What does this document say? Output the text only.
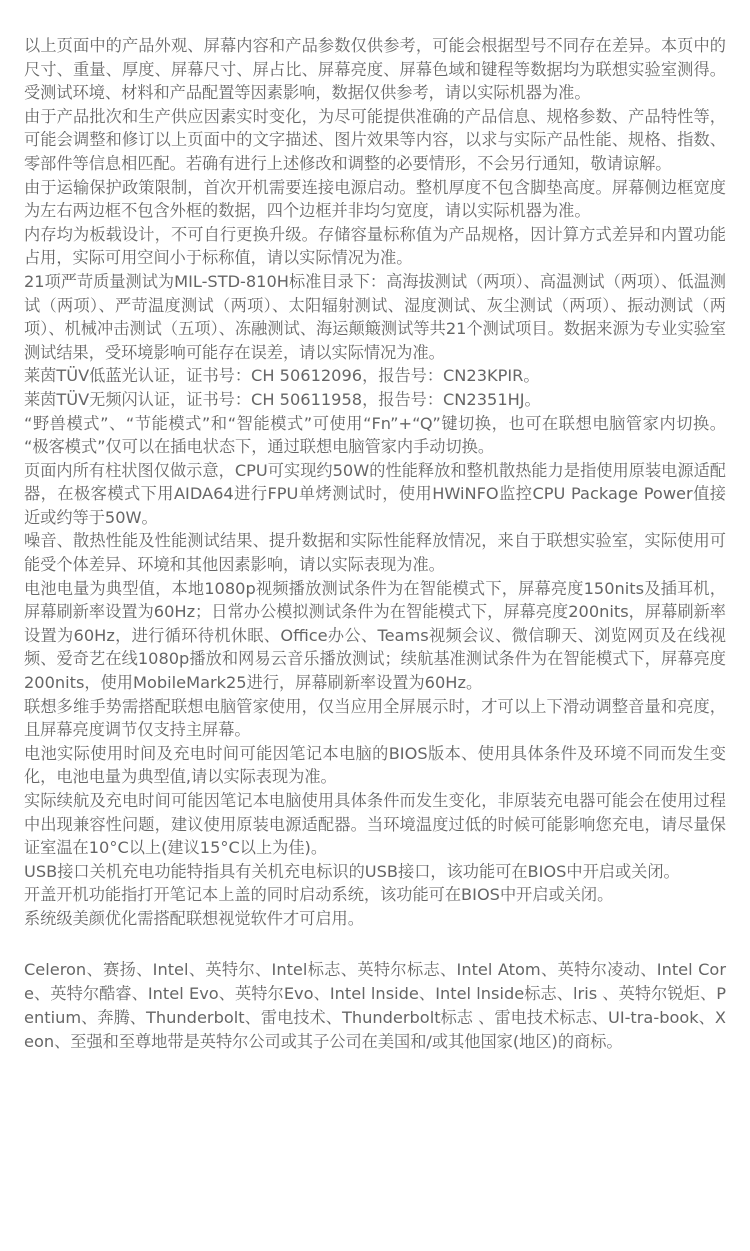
以上页面中的产品外观、屏幕内容和产品参数仅供参考，可能会根据型号不同存在差异。本页中的尺寸、重量、厚度、屏幕尺寸、屏占比、屏幕亮度、屏幕色域和键程等数据均为联想实验室测得。受测试环境、材料和产品配置等因素影响，数据仅供参考，请以实际机器为准。

由于产品批次和生产供应因素实时变化，为尽可能提供准确的产品信息、规格参数、产品特性等，可能会调整和修订以上页面中的文字描述、图片效果等内容，以求与实际产品性能、规格、指数、零部件等信息相匹配。若确有进行上述修改和调整的必要情形，不会另行通知，敬请谅解。

由于运输保护政策限制，首次开机需要连接电源启动。整机厚度不包含脚垫高度。屏幕侧边框宽度为左右两边框不包含外框的数据，四个边框并非均匀宽度，请以实际机器为准。

内存均为板载设计，不可自行更换升级。存储容量标称值为产品规格，因计算方式差异和内置功能占用，实际可用空间小于标称值，请以实际情况为准。

21项严苛质量测试为MIL-STD-810H标准目录下：高海拔测试（两项）、高温测试（两项）、低温测试（两项）、严苛温度测试（两项）、太阳辐射测试、湿度测试、灰尘测试（两项）、振动测试（两项）、机械冲击测试（五项）、冻融测试、海运颠簸测试等共21个测试项目。数据来源为专业实验室测试结果，受环境影响可能存在误差，请以实际情况为准。

莱茵TÜV低蓝光认证，证书号：CH 50612096，报告号：CN23KPIR。

莱茵TÜV无频闪认证，证书号：CH 50611958，报告号：CN2351HJ。

“野兽模式”、“节能模式”和“智能模式”可使用“Fn”+“Q”键切换，也可在联想电脑管家内切换。 “极客模式”仅可以在插电状态下，通过联想电脑管家内手动切换。

页面内所有柱状图仅做示意，CPU可实现约50W的性能释放和整机散热能力是指使用原装电源适配器，在极客模式下用AIDA64进行FPU单烤测试时，使用HWiNFO监控CPU Package Power值接近或约等于50W。

噪音、散热性能及性能测试结果、提升数据和实际性能释放情况，来自于联想实验室，实际使用可能受个体差异、环境和其他因素影响，请以实际表现为准。

电池电量为典型值，本地1080p视频播放测试条件为在智能模式下，屏幕亮度150nits及插耳机，屏幕刷新率设置为60Hz；日常办公模拟测试条件为在智能模式下，屏幕亮度200nits，屏幕刷新率设置为60Hz，进行循环待机休眠、Office办公、Teams视频会议、微信聊天、浏览网页及在线视频、爱奇艺在线1080p播放和网易云音乐播放测试；续航基准测试条件为在智能模式下，屏幕亮度200nits，使用MobileMark25进行，屏幕刷新率设置为60Hz。

联想多维手势需搭配联想电脑管家使用，仅当应用全屏展示时，才可以上下滑动调整音量和亮度，且屏幕亮度调节仅支持主屏幕。

电池实际使用时间及充电时间可能因笔记本电脑的BIOS版本、使用具体条件及环境不同而发生变化，电池电量为典型值,请以实际表现为准。

实际续航及充电时间可能因笔记本电脑使用具体条件而发生变化，非原装充电器可能会在使用过程中出现兼容性问题，建议使用原装电源适配器。当环境温度过低的时候可能影响您充电，请尽量保证室温在10°C以上(建议15°C以上为佳)。

USB接口关机充电功能特指具有关机充电标识的USB接口，该功能可在BIOS中开启或关闭。

开盖开机功能指打开笔记本上盖的同时启动系统，该功能可在BIOS中开启或关闭。

系统级美颜优化需搭配联想视觉软件才可启用。

Celeron、赛扬、Intel、英特尔、Intel标志、英特尔标志、Intel Atom、英特尔凌动、Intel Core、英特尔酷睿、Intel Evo、英特尔Evo、Intel lnside、Intel lnside标志、lris 、英特尔锐炬、Pentium、奔腾、Thunderbolt、雷电技术、Thunderbolt标志 、雷电技术标志、UI-tra-book、Xeon、至强和至尊地带是英特尔公司或其子公司在美国和/或其他国家(地区)的商标。
